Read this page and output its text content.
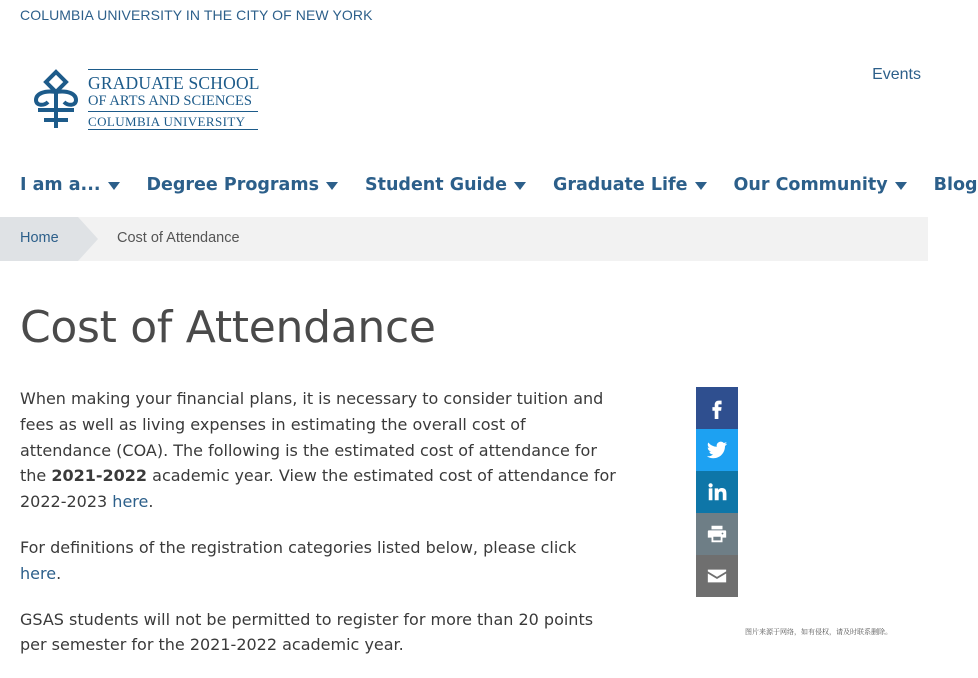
COLUMBIA UNIVERSITY IN THE CITY OF NEW YORK
GRADUATE SCHOOL
OF ARTS AND SCIENCES
COLUMBIA UNIVERSITY
Events
I am a...	Degree Programs	Student Guide	Graduate Life	Our Community	Blog
Home	Cost of Attendance
Cost of Attendance

When making your financial plans, it is necessary to consider tuition and fees as well as living expenses in estimating the overall cost of attendance (COA). The following is the estimated cost of attendance for the 2021-2022 academic year. View the estimated cost of attendance for 2022-2023 here.

For definitions of the registration categories listed below, please click here.

GSAS students will not be permitted to register for more than 20 points per semester for the 2021-2022 academic year.

图片来源于网络，如有侵权，请及时联系删除。
